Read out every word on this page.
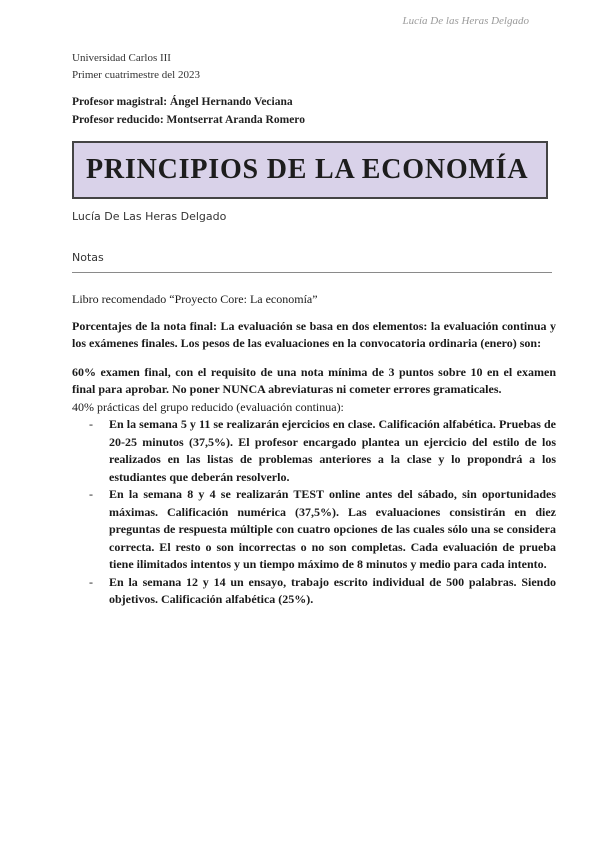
Lucía De las Heras Delgado
Universidad Carlos III
Primer cuatrimestre del 2023
Profesor magistral: Ángel Hernando Veciana
Profesor reducido: Montserrat Aranda Romero
PRINCIPIOS DE LA ECONOMÍA
Lucía De Las Heras Delgado
Notas

Libro recomendado “Proyecto Core: La economía”

Porcentajes de la nota final: La evaluación se basa en dos elementos: la evaluación continua y los exámenes finales. Los pesos de las evaluaciones en la convocatoria ordinaria (enero) son:

60% examen final, con el requisito de una nota mínima de 3 puntos sobre 10 en el examen final para aprobar. No poner NUNCA abreviaturas ni cometer errores gramaticales.

40% prácticas del grupo reducido (evaluación continua):

- En la semana 5 y 11 se realizarán ejercicios en clase. Calificación alfabética. Pruebas de 20-25 minutos (37,5%). El profesor encargado plantea un ejercicio del estilo de los realizados en las listas de problemas anteriores a la clase y lo propondrá a los estudiantes que deberán resolverlo.
- En la semana 8 y 4 se realizarán TEST online antes del sábado, sin oportunidades máximas. Calificación numérica (37,5%). Las evaluaciones consistirán en diez preguntas de respuesta múltiple con cuatro opciones de las cuales sólo una se considera correcta. El resto o son incorrectas o no son completas. Cada evaluación de prueba tiene ilimitados intentos y un tiempo máximo de 8 minutos y medio para cada intento.
- En la semana 12 y 14 un ensayo, trabajo escrito individual de 500 palabras. Siendo objetivos. Calificación alfabética (25%).
